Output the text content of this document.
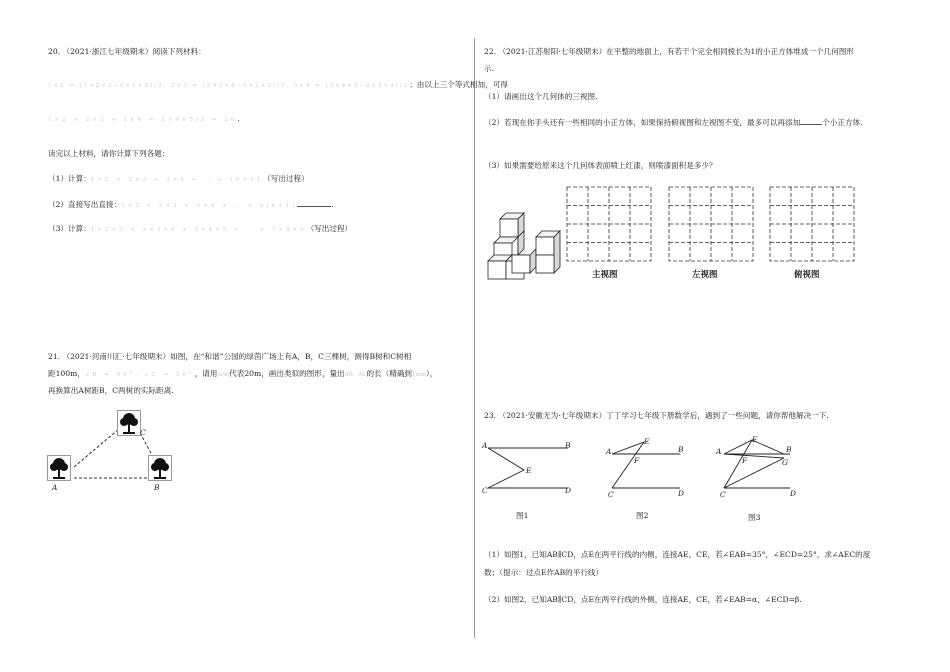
20. （2021·浙江七年级期末）阅读下列材料：
1×2 = (1×2×3−0×1×2)/3，2×3 = (2×3×4−1×2×3)/3，3×4 = (3×4×5−2×3×4)/3；由以上三个等式相加，可得
1×2 + 2×3 + 3×4 = 3×4×5/3 = 20.
读完以上材料，请你计算下列各题：
（1）计算：1×2 + 2×3 + 3×4 + … + 10×11（写出过程）
（2）直接写出直接：1×2 + 2×3 + 3×4 + … + n(n+1)	.
（3）计算：1×2×3 + 2×3×4 + 3×4×5 + … + 7×8×9（写出过程）
21. （2021·河南川汇·七年级期末）如图，在“和谐”公园的绿茵广场上有A，B，C三棵树，测得B树和C树相
距100m，∠B = 90°，∠C = 30°，请用1cm代表20m，画出类似的图形，量出AB，AC的长（精确到1mm），
再换算出A树距B，C两树的实际距离.
A	B
C
22. （2021·江苏射阳·七年级期末）在平整的地面上，有若干个完全相同棱长为1的小正方体堆成一个几何图形
示.
（1）请画出这个几何体的三视图.
（2）若现在你手头还有一些相同的小正方体，如果保持俯视图和左视图不变，最多可以再添加	个小正方体.
（3）如果需要给原来这个几何体表面喷上红漆，则喷漆面积是多少？
主视图	左视图	俯视图
23. （2021·安徽无为·七年级期末）丁丁学习七年级下册数学后，遇到了一些问题，请你帮他解决一下.
A	B
E
C	D
A	B
E
F
C	D
A	B
E
F	G
C	D
图1	图2	图3
（1）如图1，已知AB∥CD，点E在两平行线的内侧，连接AE，CE，若∠EAB=35°，∠ECD=25°，求∠AEC的度
数；（提示：过点E作AB的平行线）
（2）如图2，已知AB∥CD，点E在两平行线的外侧，连接AE，CE，若∠EAB=α，∠ECD=β.
